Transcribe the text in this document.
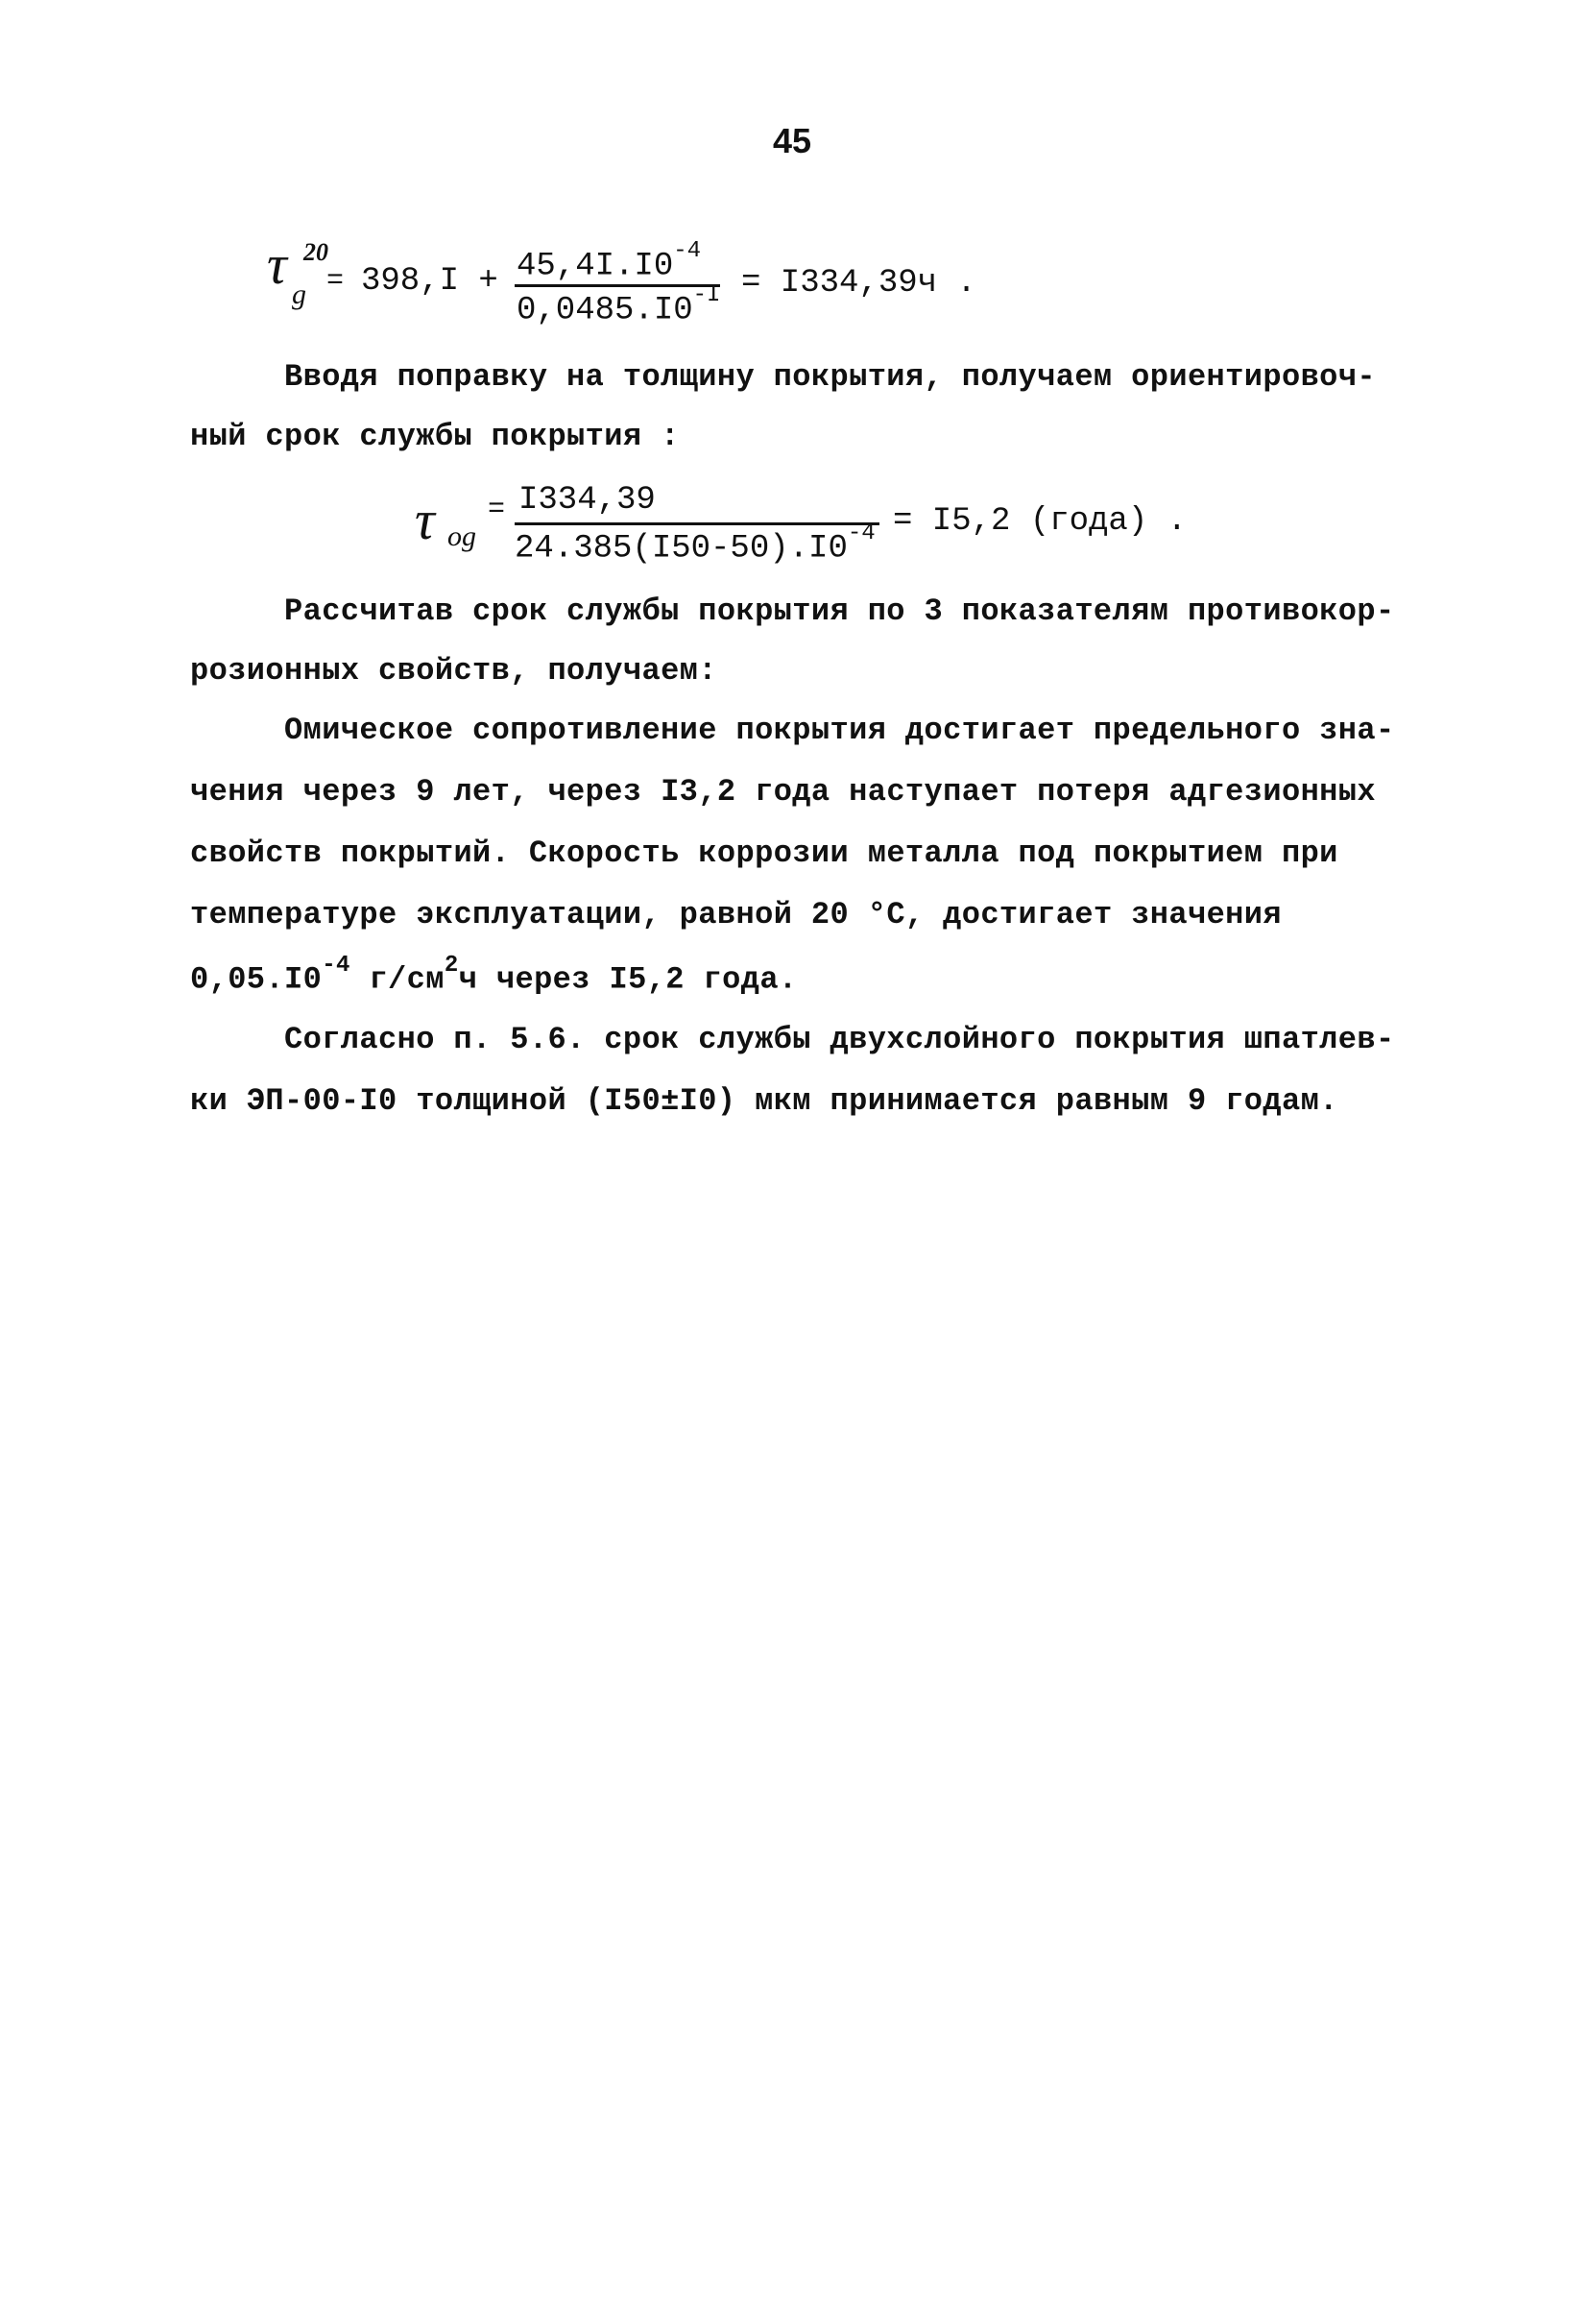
45
τ 20
$g = 398,I + 45,4I.I0^{-4}$
$0,0485.I0^{-I} = I334,39ч$ .
Вводя поправку на толщину покрытия, получаем ориентировоч-
ный срок службы покрытия :
τ og
= I334,39
$24.385(I50-50).I0^{-4} = I5,2$ (года) .
Рассчитав срок службы покрытия по 3 показателям противокор-
розионных свойств, получаем:
Омическое сопротивление покрытия достигает предельного зна-
чения через 9 лет, через I3,2 года наступает потеря адгезионных
свойств покрытий. Скорость коррозии металла под покрытием при
температуре эксплуатации, равной 20 °С, достигает значения
$0,05.I0^{-4}$ $г/см^2ч$ через I5,2 года.
Согласно п. 5.6. срок службы двухслойного покрытия шпатлев-
ки ЭП-00-I0 толщиной (I50±I0) мкм принимается равным 9 годам.
